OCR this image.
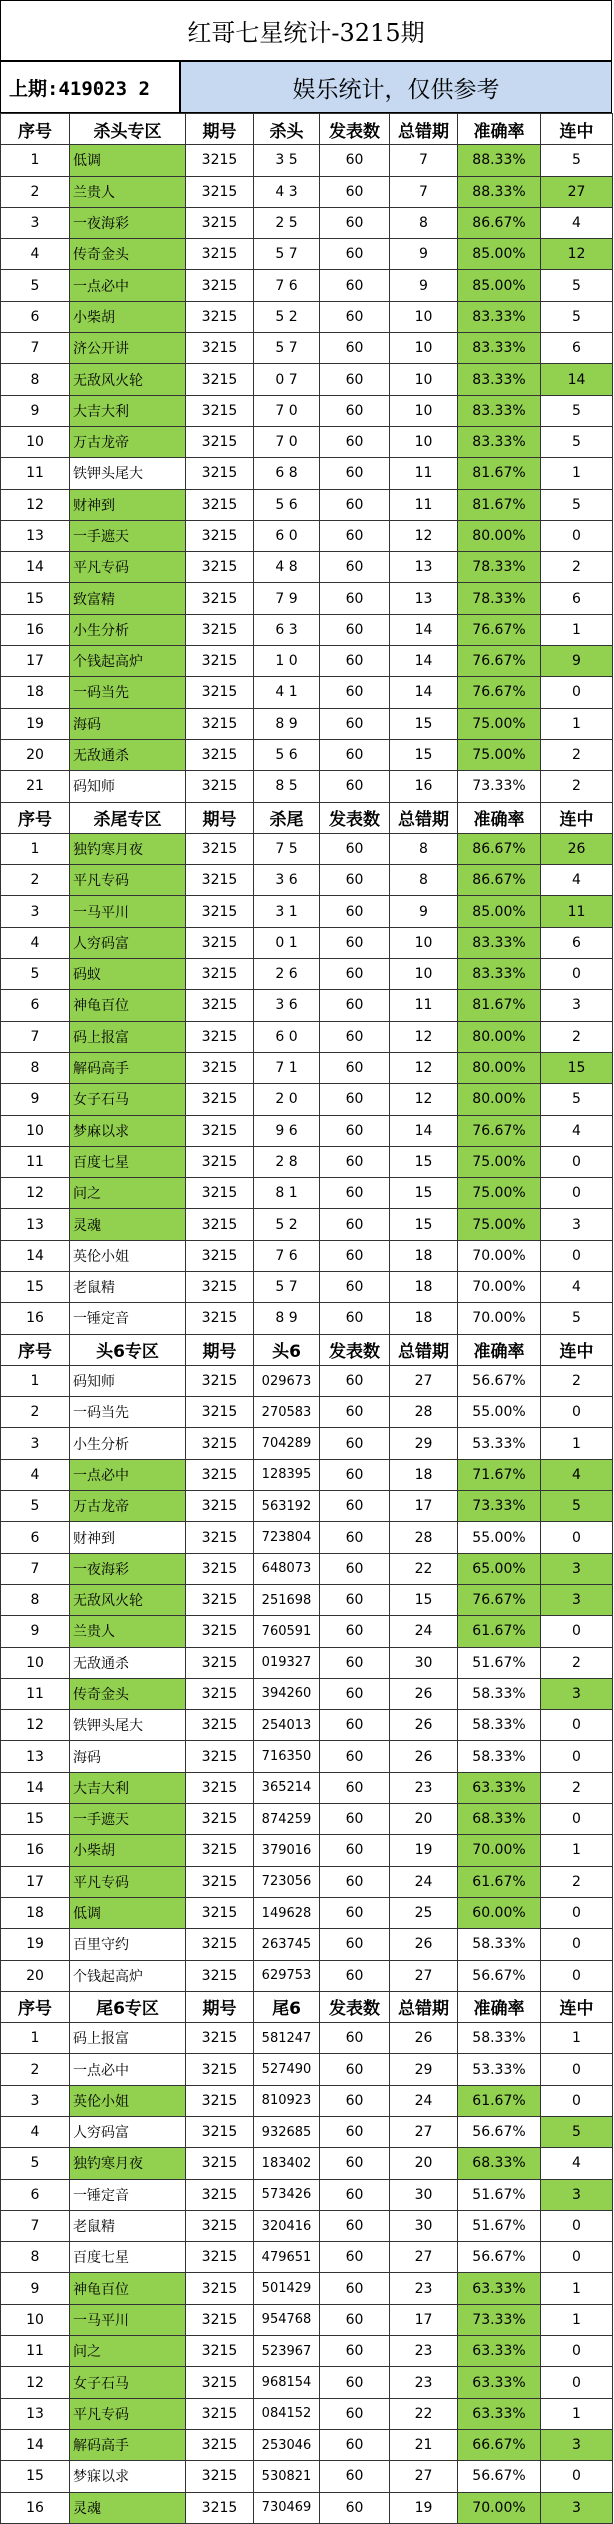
红哥七星统计-3215期
上期:419023 2	娱乐统计，仅供参考
序号	杀头专区	期号	杀头	发表数	总错期	准确率	连中
1	低调	3215	3 5	60	7	88.33%	5
2	兰贵人	3215	4 3	60	7	88.33%	27
3	一夜海彩	3215	2 5	60	8	86.67%	4
4	传奇金头	3215	5 7	60	9	85.00%	12
5	一点必中	3215	7 6	60	9	85.00%	5
6	小柴胡	3215	5 2	60	10	83.33%	5
7	济公开讲	3215	5 7	60	10	83.33%	6
8	无敌风火轮	3215	0 7	60	10	83.33%	14
9	大吉大利	3215	7 0	60	10	83.33%	5
10	万古龙帝	3215	7 0	60	10	83.33%	5
11	铁钾头尾大	3215	6 8	60	11	81.67%	1
12	财神到	3215	5 6	60	11	81.67%	5
13	一手遮天	3215	6 0	60	12	80.00%	0
14	平凡专码	3215	4 8	60	13	78.33%	2
15	致富精	3215	7 9	60	13	78.33%	6
16	小生分析	3215	6 3	60	14	76.67%	1
17	个钱起高炉	3215	1 0	60	14	76.67%	9
18	一码当先	3215	4 1	60	14	76.67%	0
19	海码	3215	8 9	60	15	75.00%	1
20	无敌通杀	3215	5 6	60	15	75.00%	2
21	码知师	3215	8 5	60	16	73.33%	2
序号	杀尾专区	期号	杀尾	发表数	总错期	准确率	连中
1	独钓寒月夜	3215	7 5	60	8	86.67%	26
2	平凡专码	3215	3 6	60	8	86.67%	4
3	一马平川	3215	3 1	60	9	85.00%	11
4	人穷码富	3215	0 1	60	10	83.33%	6
5	码蚁	3215	2 6	60	10	83.33%	0
6	神龟百位	3215	3 6	60	11	81.67%	3
7	码上报富	3215	6 0	60	12	80.00%	2
8	解码高手	3215	7 1	60	12	80.00%	15
9	女子石马	3215	2 0	60	12	80.00%	5
10	梦麻以求	3215	9 6	60	14	76.67%	4
11	百度七星	3215	2 8	60	15	75.00%	0
12	问之	3215	8 1	60	15	75.00%	0
13	灵魂	3215	5 2	60	15	75.00%	3
14	英伦小姐	3215	7 6	60	18	70.00%	0
15	老鼠精	3215	5 7	60	18	70.00%	4
16	一锤定音	3215	8 9	60	18	70.00%	5
序号	头6专区	期号	头6	发表数	总错期	准确率	连中
1	码知师	3215	029673	60	27	56.67%	2
2	一码当先	3215	270583	60	28	55.00%	0
3	小生分析	3215	704289	60	29	53.33%	1
4	一点必中	3215	128395	60	18	71.67%	4
5	万古龙帝	3215	563192	60	17	73.33%	5
6	财神到	3215	723804	60	28	55.00%	0
7	一夜海彩	3215	648073	60	22	65.00%	3
8	无敌风火轮	3215	251698	60	15	76.67%	3
9	兰贵人	3215	760591	60	24	61.67%	0
10	无敌通杀	3215	019327	60	30	51.67%	2
11	传奇金头	3215	394260	60	26	58.33%	3
12	铁钾头尾大	3215	254013	60	26	58.33%	0
13	海码	3215	716350	60	26	58.33%	0
14	大吉大利	3215	365214	60	23	63.33%	2
15	一手遮天	3215	874259	60	20	68.33%	0
16	小柴胡	3215	379016	60	19	70.00%	1
17	平凡专码	3215	723056	60	24	61.67%	2
18	低调	3215	149628	60	25	60.00%	0
19	百里守约	3215	263745	60	26	58.33%	0
20	个钱起高炉	3215	629753	60	27	56.67%	0
序号	尾6专区	期号	尾6	发表数	总错期	准确率	连中
1	码上报富	3215	581247	60	26	58.33%	1
2	一点必中	3215	527490	60	29	53.33%	0
3	英伦小姐	3215	810923	60	24	61.67%	0
4	人穷码富	3215	932685	60	27	56.67%	5
5	独钓寒月夜	3215	183402	60	20	68.33%	4
6	一锤定音	3215	573426	60	30	51.67%	3
7	老鼠精	3215	320416	60	30	51.67%	0
8	百度七星	3215	479651	60	27	56.67%	0
9	神龟百位	3215	501429	60	23	63.33%	1
10	一马平川	3215	954768	60	17	73.33%	1
11	问之	3215	523967	60	23	63.33%	0
12	女子石马	3215	968154	60	23	63.33%	0
13	平凡专码	3215	084152	60	22	63.33%	1
14	解码高手	3215	253046	60	21	66.67%	3
15	梦寐以求	3215	530821	60	27	56.67%	0
16	灵魂	3215	730469	60	19	70.00%	3
